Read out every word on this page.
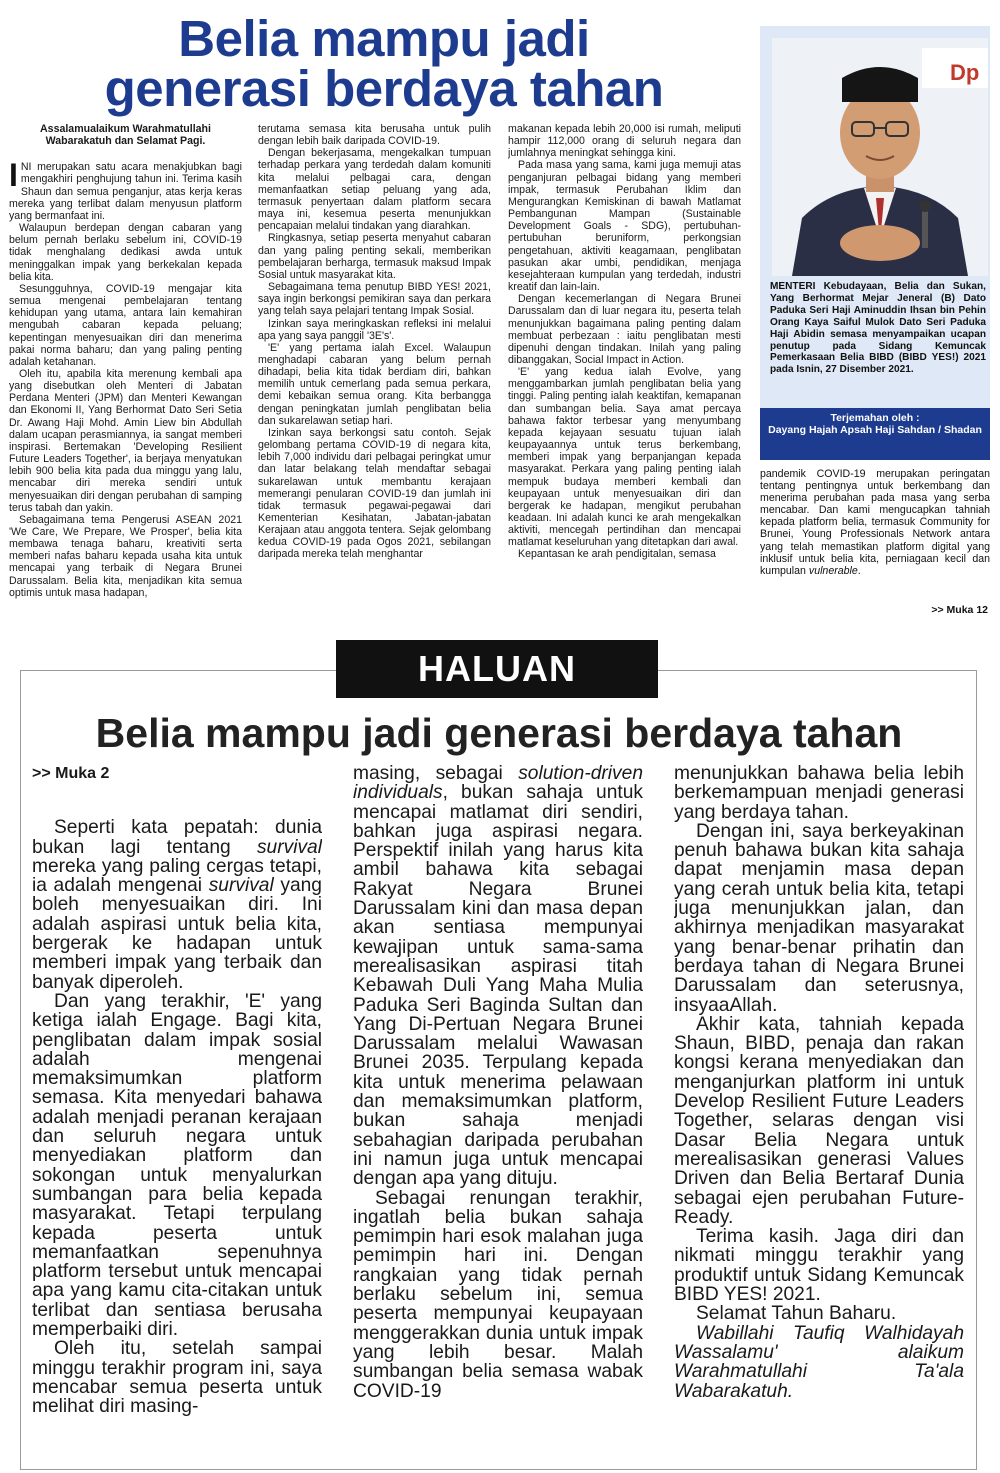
Belia mampu jadi
generasi berdaya tahan

Assalamualaikum Warahmatullahi Wabarakatuh dan Selamat Pagi.

INI merupakan satu acara menakjubkan bagi mengakhiri penghujung tahun ini. Terima kasih Shaun dan semua penganjur, atas kerja keras mereka yang terlibat dalam menyusun platform yang bermanfaat ini.

Walaupun berdepan dengan cabaran yang belum pernah berlaku sebelum ini, COVID-19 tidak menghalang dedikasi awda untuk meninggalkan impak yang berkekalan kepada belia kita.

Sesungguhnya, COVID-19 mengajar kita semua mengenai pembelajaran tentang kehidupan yang utama, antara lain kemahiran mengubah cabaran kepada peluang; kepentingan menyesuaikan diri dan menerima pakai norma baharu; dan yang paling penting adalah ketahanan.

Oleh itu, apabila kita merenung kembali apa yang disebutkan oleh Menteri di Jabatan Perdana Menteri (JPM) dan Menteri Kewangan dan Ekonomi II, Yang Berhormat Dato Seri Setia Dr. Awang Haji Mohd. Amin Liew bin Abdullah dalam ucapan perasmiannya, ia sangat memberi inspirasi. Bertemakan 'Developing Resilient Future Leaders Together', ia berjaya menyatukan lebih 900 belia kita pada dua minggu yang lalu, mencabar diri mereka sendiri untuk menyesuaikan diri dengan perubahan di samping terus tabah dan yakin.

Sebagaimana tema Pengerusi ASEAN 2021 'We Care, We Prepare, We Prosper', belia kita membawa tenaga baharu, kreativiti serta memberi nafas baharu kepada usaha kita untuk mencapai yang terbaik di Negara Brunei Darussalam. Belia kita, menjadikan kita semua optimis untuk masa hadapan,

terutama semasa kita berusaha untuk pulih dengan lebih baik daripada COVID-19.

Dengan bekerjasama, mengekalkan tumpuan terhadap perkara yang terdedah dalam komuniti kita melalui pelbagai cara, dengan memanfaatkan setiap peluang yang ada, termasuk penyertaan dalam platform secara maya ini, kesemua peserta menunjukkan pencapaian melalui tindakan yang diarahkan.

Ringkasnya, setiap peserta menyahut cabaran dan yang paling penting sekali, memberikan pembelajaran berharga, termasuk maksud Impak Sosial untuk masyarakat kita.

Sebagaimana tema penutup BIBD YES! 2021, saya ingin berkongsi pemikiran saya dan perkara yang telah saya pelajari tentang Impak Sosial.

Izinkan saya meringkaskan refleksi ini melalui apa yang saya panggil '3E's'.

'E' yang pertama ialah Excel. Walaupun menghadapi cabaran yang belum pernah dihadapi, belia kita tidak berdiam diri, bahkan memilih untuk cemerlang pada semua perkara, demi kebaikan semua orang. Kita berbangga dengan peningkatan jumlah penglibatan belia dan sukarelawan setiap hari.

Izinkan saya berkongsi satu contoh. Sejak gelombang pertama COVID-19 di negara kita, lebih 7,000 individu dari pelbagai peringkat umur dan latar belakang telah mendaftar sebagai sukarelawan untuk membantu kerajaan memerangi penularan COVID-19 dan jumlah ini tidak termasuk pegawai-pegawai dari Kementerian Kesihatan, Jabatan-jabatan Kerajaan atau anggota tentera. Sejak gelombang kedua COVID-19 pada Ogos 2021, sebilangan daripada mereka telah menghantar

makanan kepada lebih 20,000 isi rumah, meliputi hampir 112,000 orang di seluruh negara dan jumlahnya meningkat sehingga kini.

Pada masa yang sama, kami juga memuji atas penganjuran pelbagai bidang yang memberi impak, termasuk Perubahan Iklim dan Mengurangkan Kemiskinan di bawah Matlamat Pembangunan Mampan (Sustainable Development Goals - SDG), pertubuhan-pertubuhan beruniform, perkongsian pengetahuan, aktiviti keagamaan, penglibatan pasukan akar umbi, pendidikan, menjaga kesejahteraan kumpulan yang terdedah, industri kreatif dan lain-lain.

Dengan kecemerlangan di Negara Brunei Darussalam dan di luar negara itu, peserta telah menunjukkan bagaimana paling penting dalam membuat perbezaan : iaitu penglibatan mesti dipenuhi dengan tindakan. Inilah yang paling dibanggakan, Social Impact in Action.

'E' yang kedua ialah Evolve, yang menggambarkan jumlah penglibatan belia yang tinggi. Paling penting ialah keaktifan, kemapanan dan sumbangan belia. Saya amat percaya bahawa faktor terbesar yang menyumbang kepada kejayaan sesuatu tujuan ialah keupayaannya untuk terus berkembang, memberi impak yang berpanjangan kepada masyarakat. Perkara yang paling penting ialah mempuk budaya memberi kembali dan keupayaan untuk menyesuaikan diri dan bergerak ke hadapan, mengikut perubahan keadaan. Ini adalah kunci ke arah mengekalkan aktiviti, mencegah pertindihan dan mencapai matlamat keseluruhan yang ditetapkan dari awal.

Kepantasan ke arah pendigitalan, semasa

Dp
MENTERI Kebudayaan, Belia dan Sukan, Yang Berhormat Mejar Jeneral (B) Dato Paduka Seri Haji Aminuddin Ihsan bin Pehin Orang Kaya Saiful Mulok Dato Seri Paduka Haji Abidin semasa menyampaikan ucapan penutup pada Sidang Kemuncak Pemerkasaan Belia BIBD (BIBD YES!) 2021 pada Isnin, 27 Disember 2021.
Terjemahan oleh :
Dayang Hajah Apsah Haji Sahdan / Shadan
pandemik COVID-19 merupakan peringatan tentang pentingnya untuk berkembang dan menerima perubahan pada masa yang serba mencabar. Dan kami mengucapkan tahniah kepada platform belia, termasuk Community for Brunei, Young Professionals Network antara yang telah memastikan platform digital yang inklusif untuk belia kita, perniagaan kecil dan kumpulan vulnerable.
>> Muka 12
HALUAN
Belia mampu jadi generasi berdaya tahan

>> Muka 2

Seperti kata pepatah: dunia bukan lagi tentang survival mereka yang paling cergas tetapi, ia adalah mengenai survival yang boleh menyesuaikan diri. Ini adalah aspirasi untuk belia kita, bergerak ke hadapan untuk memberi impak yang terbaik dan banyak diperoleh.

Dan yang terakhir, 'E' yang ketiga ialah Engage. Bagi kita, penglibatan dalam impak sosial adalah mengenai memaksimumkan platform semasa. Kita menyedari bahawa adalah menjadi peranan kerajaan dan seluruh negara untuk menyediakan platform dan sokongan untuk menyalurkan sumbangan para belia kepada masyarakat. Tetapi terpulang kepada peserta untuk memanfaatkan sepenuhnya platform tersebut untuk mencapai apa yang kamu cita-citakan untuk terlibat dan sentiasa berusaha memperbaiki diri.

Oleh itu, setelah sampai minggu terakhir program ini, saya mencabar semua peserta untuk melihat diri masing-

masing, sebagai solution-driven individuals, bukan sahaja untuk mencapai matlamat diri sendiri, bahkan juga aspirasi negara. Perspektif inilah yang harus kita ambil bahawa kita sebagai Rakyat Negara Brunei Darussalam kini dan masa depan akan sentiasa mempunyai kewajipan untuk sama-sama merealisasikan aspirasi titah Kebawah Duli Yang Maha Mulia Paduka Seri Baginda Sultan dan Yang Di-Pertuan Negara Brunei Darussalam melalui Wawasan Brunei 2035. Terpulang kepada kita untuk menerima pelawaan dan memaksimumkan platform, bukan sahaja menjadi sebahagian daripada perubahan ini namun juga untuk mencapai dengan apa yang dituju.

Sebagai renungan terakhir, ingatlah belia bukan sahaja pemimpin hari esok malahan juga pemimpin hari ini. Dengan rangkaian yang tidak pernah berlaku sebelum ini, semua peserta mempunyai keupayaan menggerakkan dunia untuk impak yang lebih besar. Malah sumbangan belia semasa wabak COVID-19

menunjukkan bahawa belia lebih berkemampuan menjadi generasi yang berdaya tahan.

Dengan ini, saya berkeyakinan penuh bahawa bukan kita sahaja dapat menjamin masa depan yang cerah untuk belia kita, tetapi juga menunjukkan jalan, dan akhirnya menjadikan masyarakat yang benar-benar prihatin dan berdaya tahan di Negara Brunei Darussalam dan seterusnya, insyaaAllah.

Akhir kata, tahniah kepada Shaun, BIBD, penaja dan rakan kongsi kerana menyediakan dan menganjurkan platform ini untuk Develop Resilient Future Leaders Together, selaras dengan visi Dasar Belia Negara untuk merealisasikan generasi Values Driven dan Belia Bertaraf Dunia sebagai ejen perubahan Future-Ready.

Terima kasih. Jaga diri dan nikmati minggu terakhir yang produktif untuk Sidang Kemuncak BIBD YES! 2021.

Selamat Tahun Baharu.

Wabillahi Taufiq Walhidayah Wassalamu' alaikum Warahmatullahi Ta'ala Wabarakatuh.
